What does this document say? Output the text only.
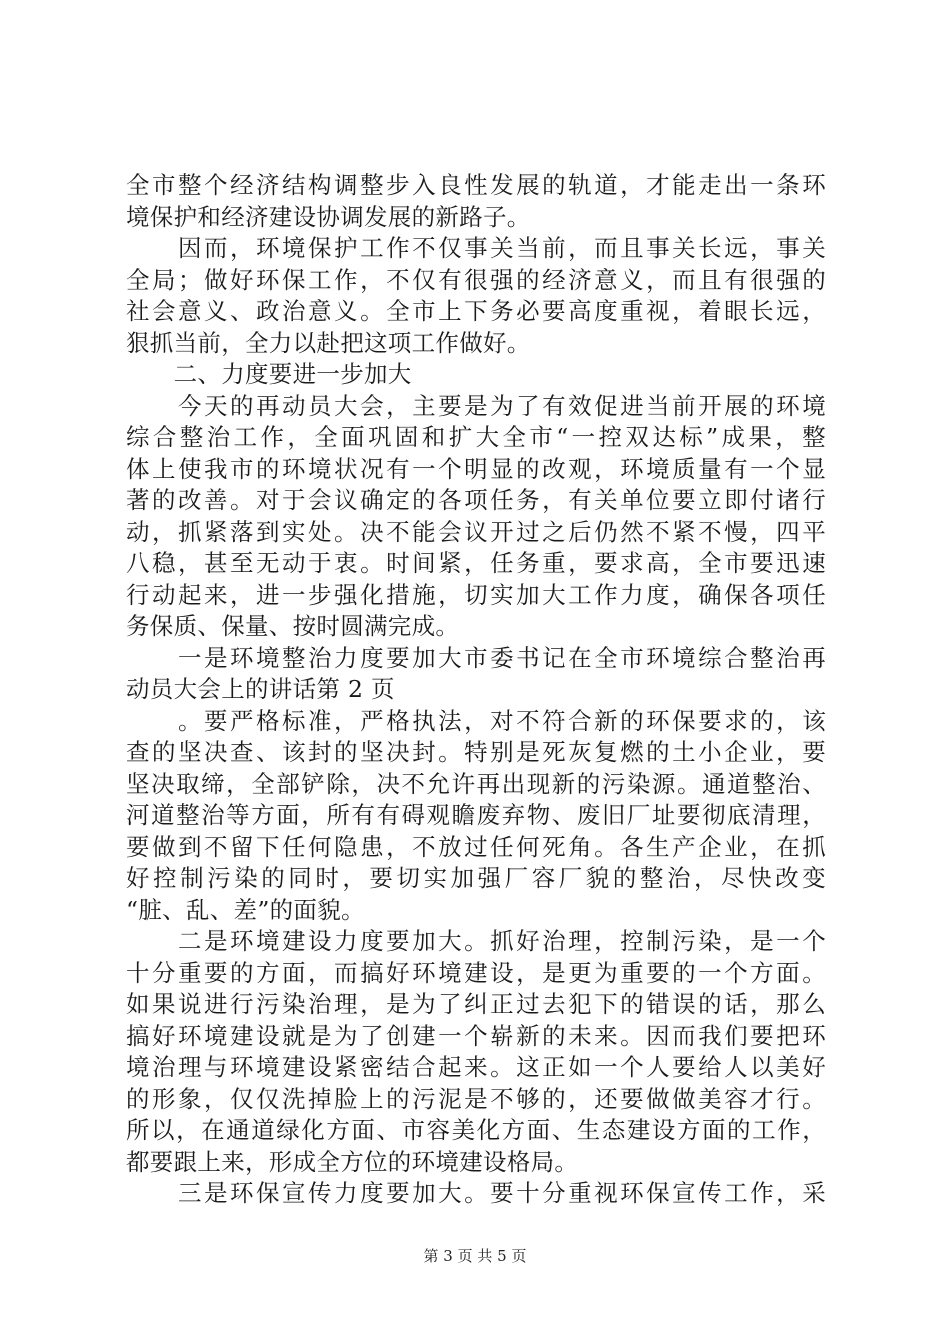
全市整个经济结构调整步入良性发展的轨道，才能走出一条环
境保护和经济建设协调发展的新路子。
　　因而，环境保护工作不仅事关当前，而且事关长远，事关
全局；做好环保工作，不仅有很强的经济意义，而且有很强的
社会意义、政治意义。全市上下务必要高度重视，着眼长远，
狠抓当前，全力以赴把这项工作做好。
　　二、力度要进一步加大
　　今天的再动员大会，主要是为了有效促进当前开展的环境
综合整治工作，全面巩固和扩大全市“一控双达标”成果，整
体上使我市的环境状况有一个明显的改观，环境质量有一个显
著的改善。对于会议确定的各项任务，有关单位要立即付诸行
动，抓紧落到实处。决不能会议开过之后仍然不紧不慢，四平
八稳，甚至无动于衷。时间紧，任务重，要求高，全市要迅速
行动起来，进一步强化措施，切实加大工作力度，确保各项任
务保质、保量、按时圆满完成。
　　一是环境整治力度要加大市委书记在全市环境综合整治再
动员大会上的讲话第 2 页
　　。要严格标准，严格执法，对不符合新的环保要求的，该
查的坚决查、该封的坚决封。特别是死灰复燃的土小企业，要
坚决取缔，全部铲除，决不允许再出现新的污染源。通道整治、
河道整治等方面，所有有碍观瞻废弃物、废旧厂址要彻底清理，
要做到不留下任何隐患，不放过任何死角。各生产企业，在抓
好控制污染的同时，要切实加强厂容厂貌的整治，尽快改变
“脏、乱、差”的面貌。
　　二是环境建设力度要加大。抓好治理，控制污染，是一个
十分重要的方面，而搞好环境建设，是更为重要的一个方面。
如果说进行污染治理，是为了纠正过去犯下的错误的话，那么
搞好环境建设就是为了创建一个崭新的未来。因而我们要把环
境治理与环境建设紧密结合起来。这正如一个人要给人以美好
的形象，仅仅洗掉脸上的污泥是不够的，还要做做美容才行。
所以，在通道绿化方面、市容美化方面、生态建设方面的工作，
都要跟上来，形成全方位的环境建设格局。
　　三是环保宣传力度要加大。要十分重视环保宣传工作，采
第 3 页 共 5 页
